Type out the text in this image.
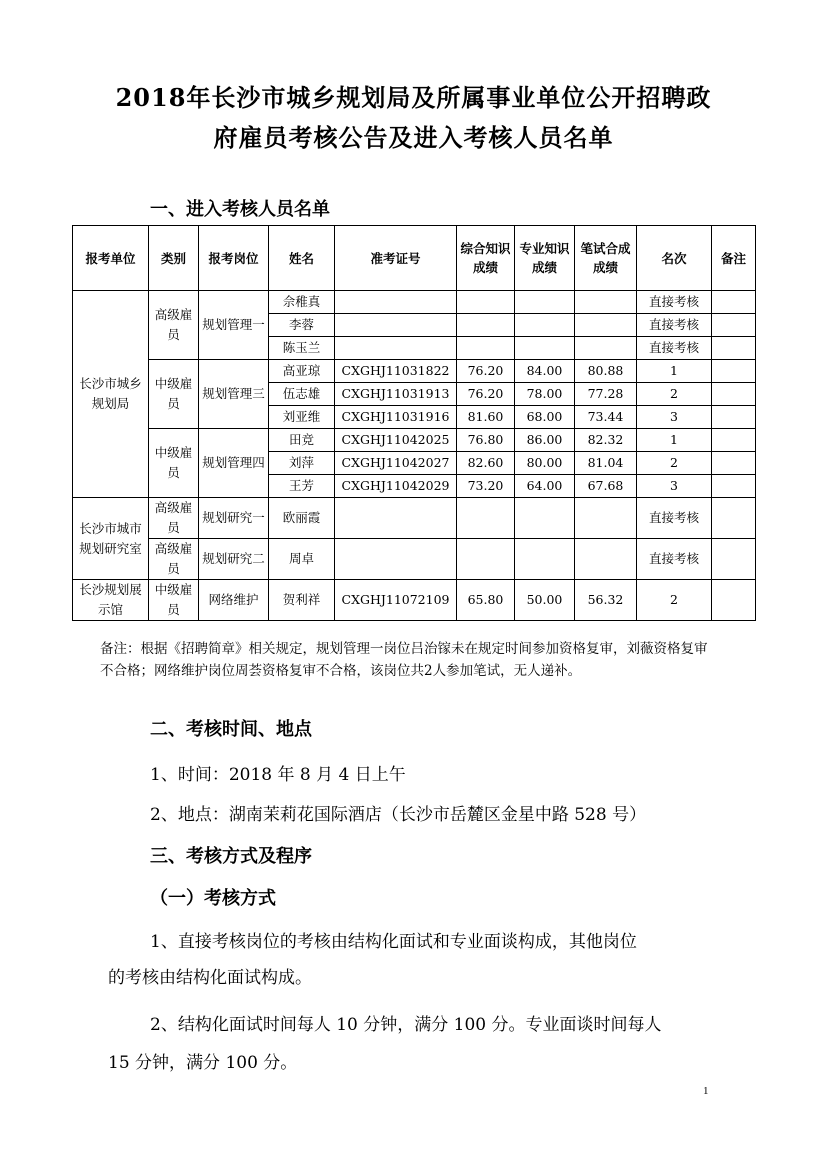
2018年长沙市城乡规划局及所属事业单位公开招聘政
府雇员考核公告及进入考核人员名单
一、进入考核人员名单
报考单位	类别	报考岗位	姓名	准考证号	综合知识成绩	专业知识成绩	笔试合成成绩	名次	备注
长沙市城乡规划局	高级雇员	规划管理一	佘稚真					直接考核	
			李蓉					直接考核	
			陈玉兰					直接考核	
	中级雇员	规划管理三	高亚琼	CXGHJ11031822	76.20	84.00	80.88	1	
			伍志雄	CXGHJ11031913	76.20	78.00	77.28	2	
			刘亚维	CXGHJ11031916	81.60	68.00	73.44	3	
	中级雇员	规划管理四	田竞	CXGHJ11042025	76.80	86.00	82.32	1	
			刘萍	CXGHJ11042027	82.60	80.00	81.04	2	
			王芳	CXGHJ11042029	73.20	64.00	67.68	3	
长沙市城市规划研究室	高级雇员	规划研究一	欧丽霞					直接考核	
	高级雇员	规划研究二	周卓					直接考核	
长沙规划展示馆	中级雇员	网络维护	贺利祥	CXGHJ11072109	65.80	50.00	56.32	2	
备注：根据《招聘简章》相关规定，规划管理一岗位吕治镓未在规定时间参加资格复审，刘薇资格复审不合格；网络维护岗位周荟资格复审不合格，该岗位共2人参加笔试，无人递补。
二、考核时间、地点
1、时间：2018 年 8 月 4 日上午
2、地点：湖南茉莉花国际酒店（长沙市岳麓区金星中路 528 号）
三、考核方式及程序
（一）考核方式
1、直接考核岗位的考核由结构化面试和专业面谈构成，其他岗位
的考核由结构化面试构成。
2、结构化面试时间每人 10 分钟，满分 100 分。专业面谈时间每人
15 分钟，满分 100 分。
1
